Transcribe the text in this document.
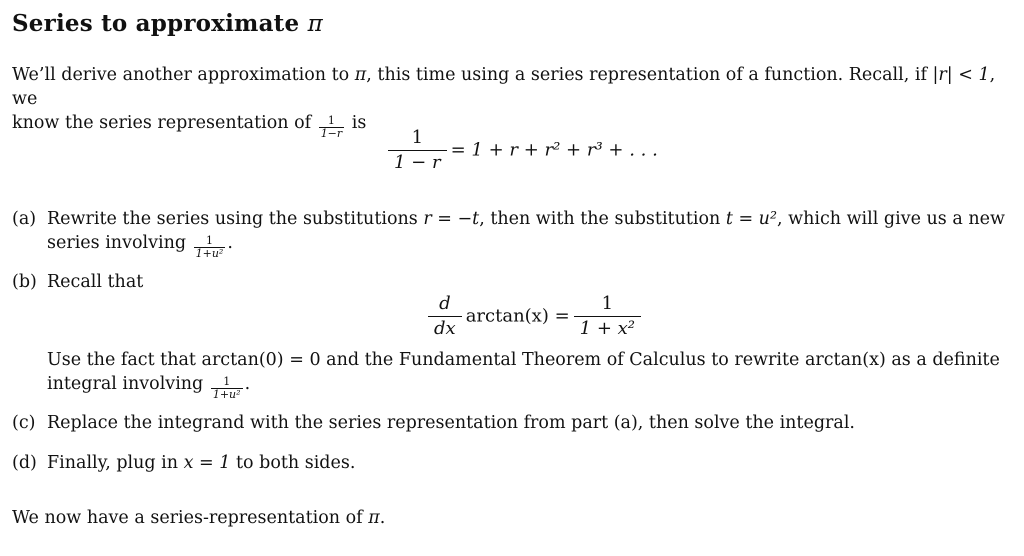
Series to approximate π
We’ll derive another approximation to π, this time using a series representation of a function. Recall, if |r| < 1, we
know the series representation of $\frac{1}{1-r}$ is
$\frac{1}{1 - r} = 1 + r + r^2 + r^3$ + . . .
(a) Rewrite the series using the substitutions r = −t, then with the substitution t = u², which will give us a new
series involving $\frac{1}{\text{1+u²}}$ .
(b) Recall that
$\frac{d}{dx} \arctan(x) = \frac{1}{\text{1 + x²}}$
Use the fact that arctan(0) = 0 and the Fundamental Theorem of Calculus to rewrite arctan(x) as a definite
integral involving $\frac{1}{\text{1+u²}}$ .
(c) Replace the integrand with the series representation from part (a), then solve the integral.
(d) Finally, plug in x = 1 to both sides.
We now have a series-representation of π.
